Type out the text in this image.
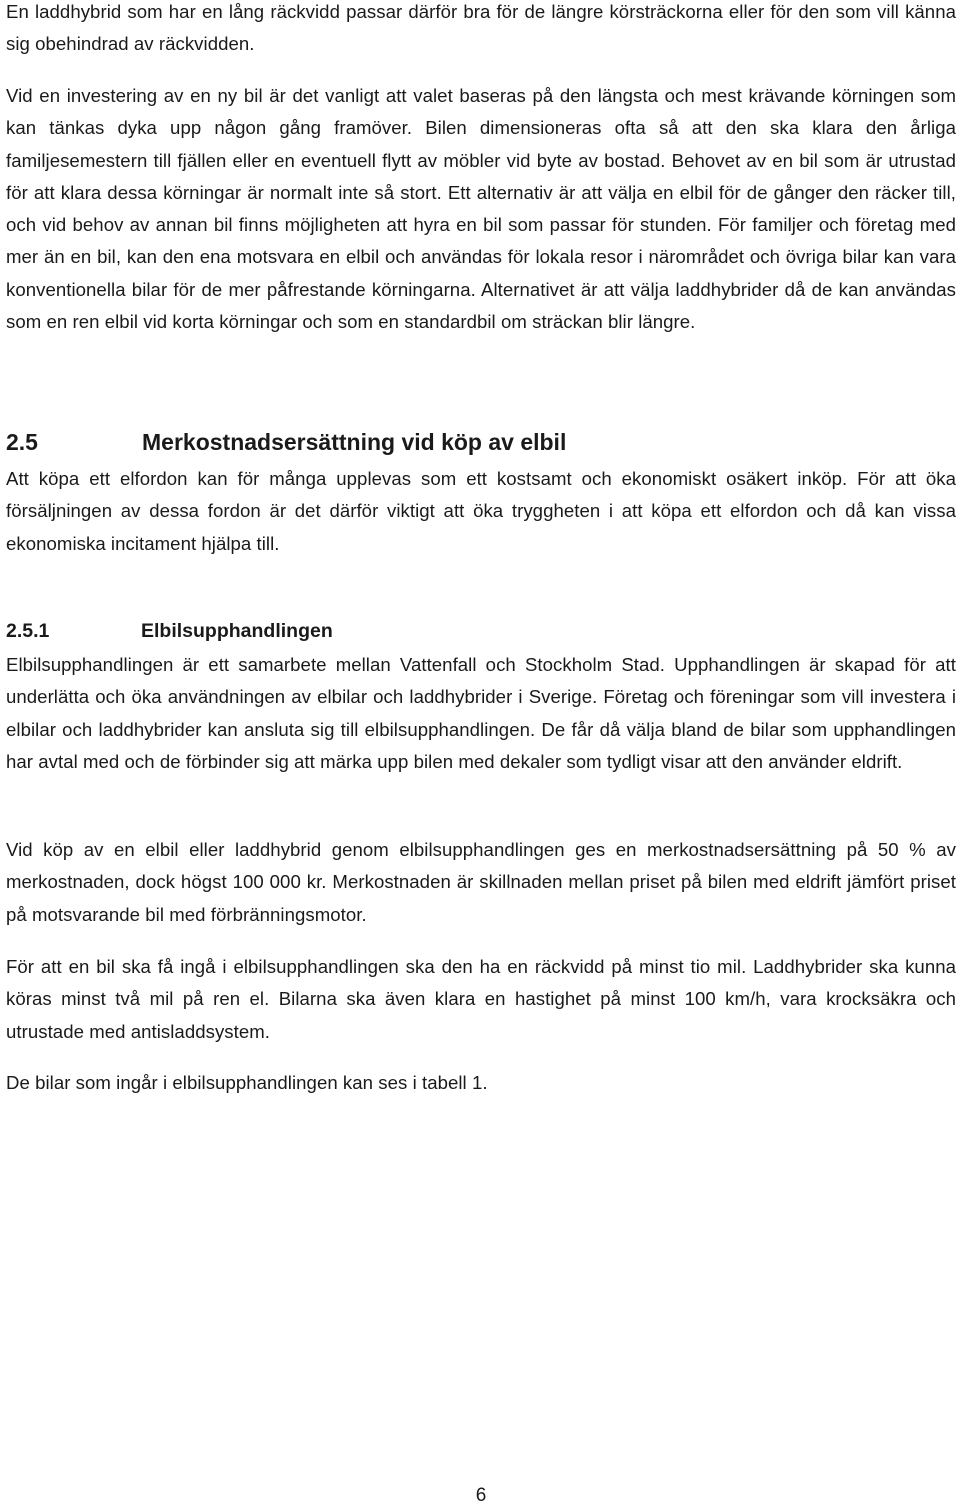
En laddhybrid som har en lång räckvidd passar därför bra för de längre körsträckorna eller för den som vill känna sig obehindrad av räckvidden.

Vid en investering av en ny bil är det vanligt att valet baseras på den längsta och mest krävande körningen som kan tänkas dyka upp någon gång framöver. Bilen dimensioneras ofta så att den ska klara den årliga familjesemestern till fjällen eller en eventuell flytt av möbler vid byte av bostad. Behovet av en bil som är utrustad för att klara dessa körningar är normalt inte så stort. Ett alternativ är att välja en elbil för de gånger den räcker till, och vid behov av annan bil finns möjligheten att hyra en bil som passar för stunden. För familjer och företag med mer än en bil, kan den ena motsvara en elbil och användas för lokala resor i närområdet och övriga bilar kan vara konventionella bilar för de mer påfrestande körningarna. Alternativet är att välja laddhybrider då de kan användas som en ren elbil vid korta körningar och som en standardbil om sträckan blir längre.

2.5	Merkostnadsersättning vid köp av elbil

Att köpa ett elfordon kan för många upplevas som ett kostsamt och ekonomiskt osäkert inköp. För att öka försäljningen av dessa fordon är det därför viktigt att öka tryggheten i att köpa ett elfordon och då kan vissa ekonomiska incitament hjälpa till.

2.5.1	Elbilsupphandlingen

Elbilsupphandlingen är ett samarbete mellan Vattenfall och Stockholm Stad. Upphandlingen är skapad för att underlätta och öka användningen av elbilar och laddhybrider i Sverige. Företag och föreningar som vill investera i elbilar och laddhybrider kan ansluta sig till elbilsupphandlingen. De får då välja bland de bilar som upphandlingen har avtal med och de förbinder sig att märka upp bilen med dekaler som tydligt visar att den använder eldrift.

Vid köp av en elbil eller laddhybrid genom elbilsupphandlingen ges en merkostnadsersättning på 50 % av merkostnaden, dock högst 100 000 kr. Merkostnaden är skillnaden mellan priset på bilen med eldrift jämfört priset på motsvarande bil med förbränningsmotor.

För att en bil ska få ingå i elbilsupphandlingen ska den ha en räckvidd på minst tio mil. Laddhybrider ska kunna köras minst två mil på ren el. Bilarna ska även klara en hastighet på minst 100 km/h, vara krocksäkra och utrustade med antisladdsystem.

De bilar som ingår i elbilsupphandlingen kan ses i tabell 1.

6
